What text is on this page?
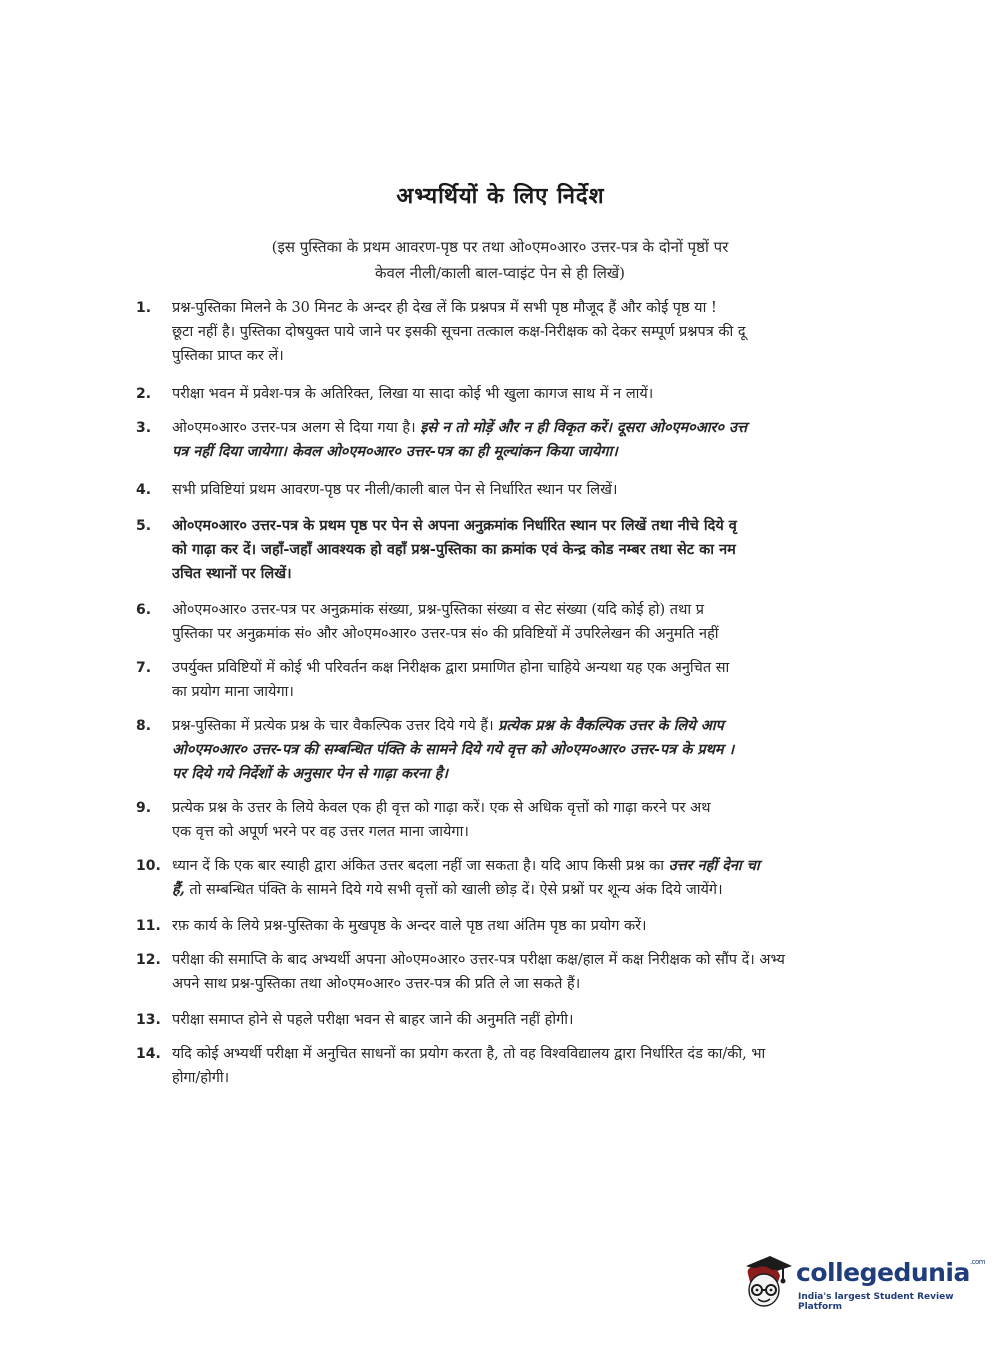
अभ्यर्थियों के लिए निर्देश
(इस पुस्तिका के प्रथम आवरण-पृष्ठ पर तथा ओ०एम०आर० उत्तर-पत्र के दोनों पृष्ठों पर
केवल नीली/काली बाल-प्वाइंट पेन से ही लिखें)
1.	प्रश्न-पुस्तिका मिलने के 30 मिनट के अन्दर ही देख लें कि प्रश्नपत्र में सभी पृष्ठ मौजूद हैं और कोई पृष्ठ या !
छूटा नहीं है। पुस्तिका दोषयुक्त पाये जाने पर इसकी सूचना तत्काल कक्ष-निरीक्षक को देकर सम्पूर्ण प्रश्नपत्र की दू
पुस्तिका प्राप्त कर लें।
2.	परीक्षा भवन में प्रवेश-पत्र के अतिरिक्त, लिखा या सादा कोई भी खुला कागज साथ में न लायें।
3.	ओ०एम०आर० उत्तर-पत्र अलग से दिया गया है। इसे न तो मोड़ें और न ही विकृत करें। दूसरा ओ०एम०आर० उत्त
पत्र नहीं दिया जायेगा। केवल ओ०एम०आर० उत्तर-पत्र का ही मूल्यांकन किया जायेगा।
4.	सभी प्रविष्टियां प्रथम आवरण-पृष्ठ पर नीली/काली बाल पेन से निर्धारित स्थान पर लिखें।
5.	ओ०एम०आर० उत्तर-पत्र के प्रथम पृष्ठ पर पेन से अपना अनुक्रमांक निर्धारित स्थान पर लिखें तथा नीचे दिये वृ
को गाढ़ा कर दें। जहाँ-जहाँ आवश्यक हो वहाँ प्रश्न-पुस्तिका का क्रमांक एवं केन्द्र कोड नम्बर तथा सेट का नम
उचित स्थानों पर लिखें।
6.	ओ०एम०आर० उत्तर-पत्र पर अनुक्रमांक संख्या, प्रश्न-पुस्तिका संख्या व सेट संख्या (यदि कोई हो) तथा प्र
पुस्तिका पर अनुक्रमांक सं० और ओ०एम०आर० उत्तर-पत्र सं० की प्रविष्टियों में उपरिलेखन की अनुमति नहीं
7.	उपर्युक्त प्रविष्टियों में कोई भी परिवर्तन कक्ष निरीक्षक द्वारा प्रमाणित होना चाहिये अन्यथा यह एक अनुचित सा
का प्रयोग माना जायेगा।
8.	प्रश्न-पुस्तिका में प्रत्येक प्रश्न के चार वैकल्पिक उत्तर दिये गये हैं। प्रत्येक प्रश्न के वैकल्पिक उत्तर के लिये आप
ओ०एम०आर० उत्तर-पत्र की सम्बन्धित पंक्ति के सामने दिये गये वृत्त को ओ०एम०आर० उत्तर-पत्र के प्रथम ।
पर दिये गये निर्देशों के अनुसार पेन से गाढ़ा करना है।
9.	प्रत्येक प्रश्न के उत्तर के लिये केवल एक ही वृत्त को गाढ़ा करें। एक से अधिक वृत्तों को गाढ़ा करने पर अथ
एक वृत्त को अपूर्ण भरने पर वह उत्तर गलत माना जायेगा।
10. ध्यान दें कि एक बार स्याही द्वारा अंकित उत्तर बदला नहीं जा सकता है। यदि आप किसी प्रश्न का उत्तर नहीं देना चा
हैं, तो सम्बन्धित पंक्ति के सामने दिये गये सभी वृत्तों को खाली छोड़ दें। ऐसे प्रश्नों पर शून्य अंक दिये जायेंगे।
11. रफ़ कार्य के लिये प्रश्न-पुस्तिका के मुखपृष्ठ के अन्दर वाले पृष्ठ तथा अंतिम पृष्ठ का प्रयोग करें।
12. परीक्षा की समाप्ति के बाद अभ्यर्थी अपना ओ०एम०आर० उत्तर-पत्र परीक्षा कक्ष/हाल में कक्ष निरीक्षक को सौंप दें। अभ्य
अपने साथ प्रश्न-पुस्तिका तथा ओ०एम०आर० उत्तर-पत्र की प्रति ले जा सकते हैं।
13. परीक्षा समाप्त होने से पहले परीक्षा भवन से बाहर जाने की अनुमति नहीं होगी।
14. यदि कोई अभ्यर्थी परीक्षा में अनुचित साधनों का प्रयोग करता है, तो वह विश्वविद्यालय द्वारा निर्धारित दंड का/की, भा
होगा/होगी।
collegedunia$^{.com}$
India's largest Student Review Platform
